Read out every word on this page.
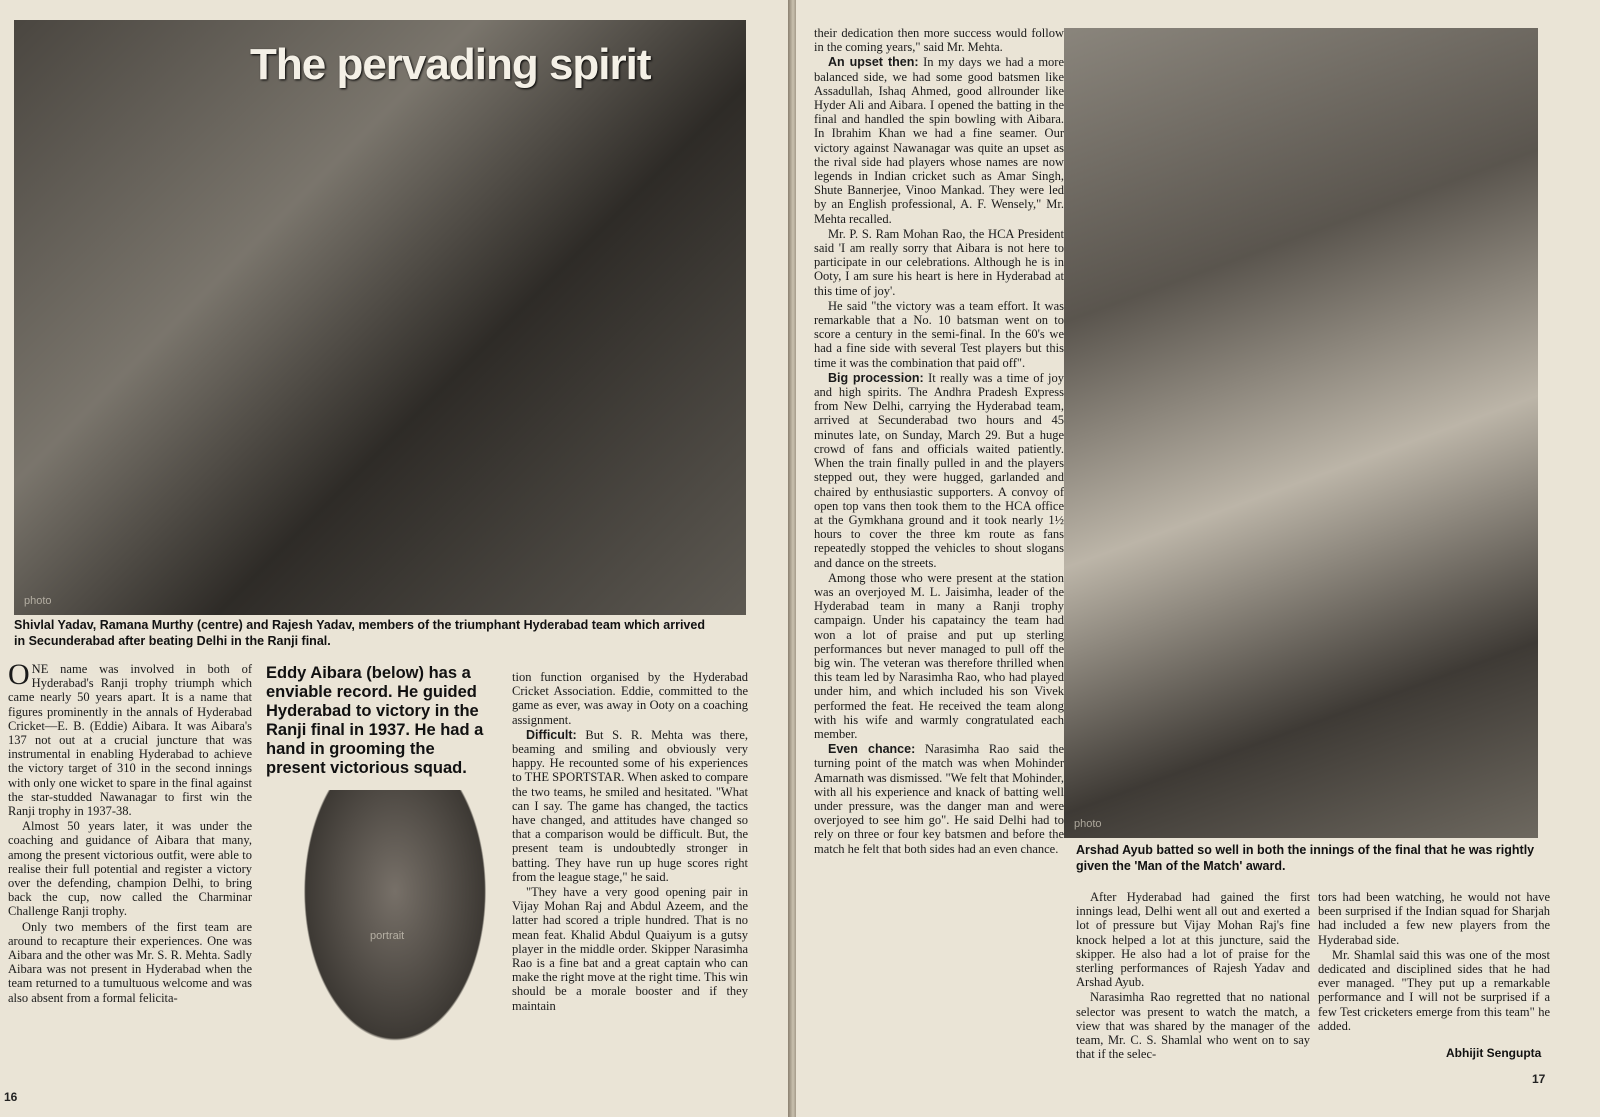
photo
The pervading spirit
Shivlal Yadav, Ramana Murthy (centre) and Rajesh Yadav, members of the triumphant Hyderabad team which arrived in Secunderabad after beating Delhi in the Ranji final.

ONE name was involved in both of Hyderabad's Ranji trophy triumph which came nearly 50 years apart. It is a name that figures prominently in the annals of Hyderabad Cricket—E. B. (Eddie) Aibara. It was Aibara's 137 not out at a crucial juncture that was instrumental in enabling Hyderabad to achieve the victory target of 310 in the second innings with only one wicket to spare in the final against the star-studded Nawanagar to first win the Ranji trophy in 1937-38.

Almost 50 years later, it was under the coaching and guidance of Aibara that many, among the present victorious outfit, were able to realise their full potential and register a victory over the defending, champion Delhi, to bring back the cup, now called the Charminar Challenge Ranji trophy.

Only two members of the first team are around to recapture their experiences. One was Aibara and the other was Mr. S. R. Mehta. Sadly Aibara was not present in Hyderabad when the team returned to a tumultuous welcome and was also absent from a formal felicita-

Eddy Aibara (below) has a enviable record. He guided Hyderabad to victory in the Ranji final in 1937. He had a hand in grooming the present victorious squad.
portrait

tion function organised by the Hyderabad Cricket Association. Eddie, committed to the game as ever, was away in Ooty on a coaching assignment.

Difficult: But S. R. Mehta was there, beaming and smiling and obviously very happy. He recounted some of his experiences to THE SPORTSTAR. When asked to compare the two teams, he smiled and hesitated. "What can I say. The game has changed, the tactics have changed, and attitudes have changed so that a comparison would be difficult. But, the present team is undoubtedly stronger in batting. They have run up huge scores right from the league stage," he said.

"They have a very good opening pair in Vijay Mohan Raj and Abdul Azeem, and the latter had scored a triple hundred. That is no mean feat. Khalid Abdul Quaiyum is a gutsy player in the middle order. Skipper Narasimha Rao is a fine bat and a great captain who can make the right move at the right time. This win should be a morale booster and if they maintain

16

their dedication then more success would follow in the coming years," said Mr. Mehta.

An upset then: In my days we had a more balanced side, we had some good batsmen like Assadullah, Ishaq Ahmed, good allrounder like Hyder Ali and Aibara. I opened the batting in the final and handled the spin bowling with Aibara. In Ibrahim Khan we had a fine seamer. Our victory against Nawanagar was quite an upset as the rival side had players whose names are now legends in Indian cricket such as Amar Singh, Shute Bannerjee, Vinoo Mankad. They were led by an English professional, A. F. Wensely," Mr. Mehta recalled.

Mr. P. S. Ram Mohan Rao, the HCA President said 'I am really sorry that Aibara is not here to participate in our celebrations. Although he is in Ooty, I am sure his heart is here in Hyderabad at this time of joy'.

He said "the victory was a team effort. It was remarkable that a No. 10 batsman went on to score a century in the semi-final. In the 60's we had a fine side with several Test players but this time it was the combination that paid off".

Big procession: It really was a time of joy and high spirits. The Andhra Pradesh Express from New Delhi, carrying the Hyderabad team, arrived at Secunderabad two hours and 45 minutes late, on Sunday, March 29. But a huge crowd of fans and officials waited patiently. When the train finally pulled in and the players stepped out, they were hugged, garlanded and chaired by enthusiastic supporters. A convoy of open top vans then took them to the HCA office at the Gymkhana ground and it took nearly 1½ hours to cover the three km route as fans repeatedly stopped the vehicles to shout slogans and dance on the streets.

Among those who were present at the station was an overjoyed M. L. Jaisimha, leader of the Hyderabad team in many a Ranji trophy campaign. Under his capataincy the team had won a lot of praise and put up sterling performances but never managed to pull off the big win. The veteran was therefore thrilled when this team led by Narasimha Rao, who had played under him, and which included his son Vivek performed the feat. He received the team along with his wife and warmly congratulated each member.

Even chance: Narasimha Rao said the turning point of the match was when Mohinder Amarnath was dismissed. "We felt that Mohinder, with all his experience and knack of batting well under pressure, was the danger man and were overjoyed to see him go". He said Delhi had to rely on three or four key batsmen and before the match he felt that both sides had an even chance.

photo
Arshad Ayub batted so well in both the innings of the final that he was rightly given the 'Man of the Match' award.

After Hyderabad had gained the first innings lead, Delhi went all out and exerted a lot of pressure but Vijay Mohan Raj's fine knock helped a lot at this juncture, said the skipper. He also had a lot of praise for the sterling performances of Rajesh Yadav and Arshad Ayub.

Narasimha Rao regretted that no national selector was present to watch the match, a view that was shared by the manager of the team, Mr. C. S. Shamlal who went on to say that if the selec-

tors had been watching, he would not have been surprised if the Indian squad for Sharjah had included a few new players from the Hyderabad side.

Mr. Shamlal said this was one of the most dedicated and disciplined sides that he had ever managed. "They put up a remarkable performance and I will not be surprised if a few Test cricketers emerge from this team" he added.

Abhijit Sengupta
17
